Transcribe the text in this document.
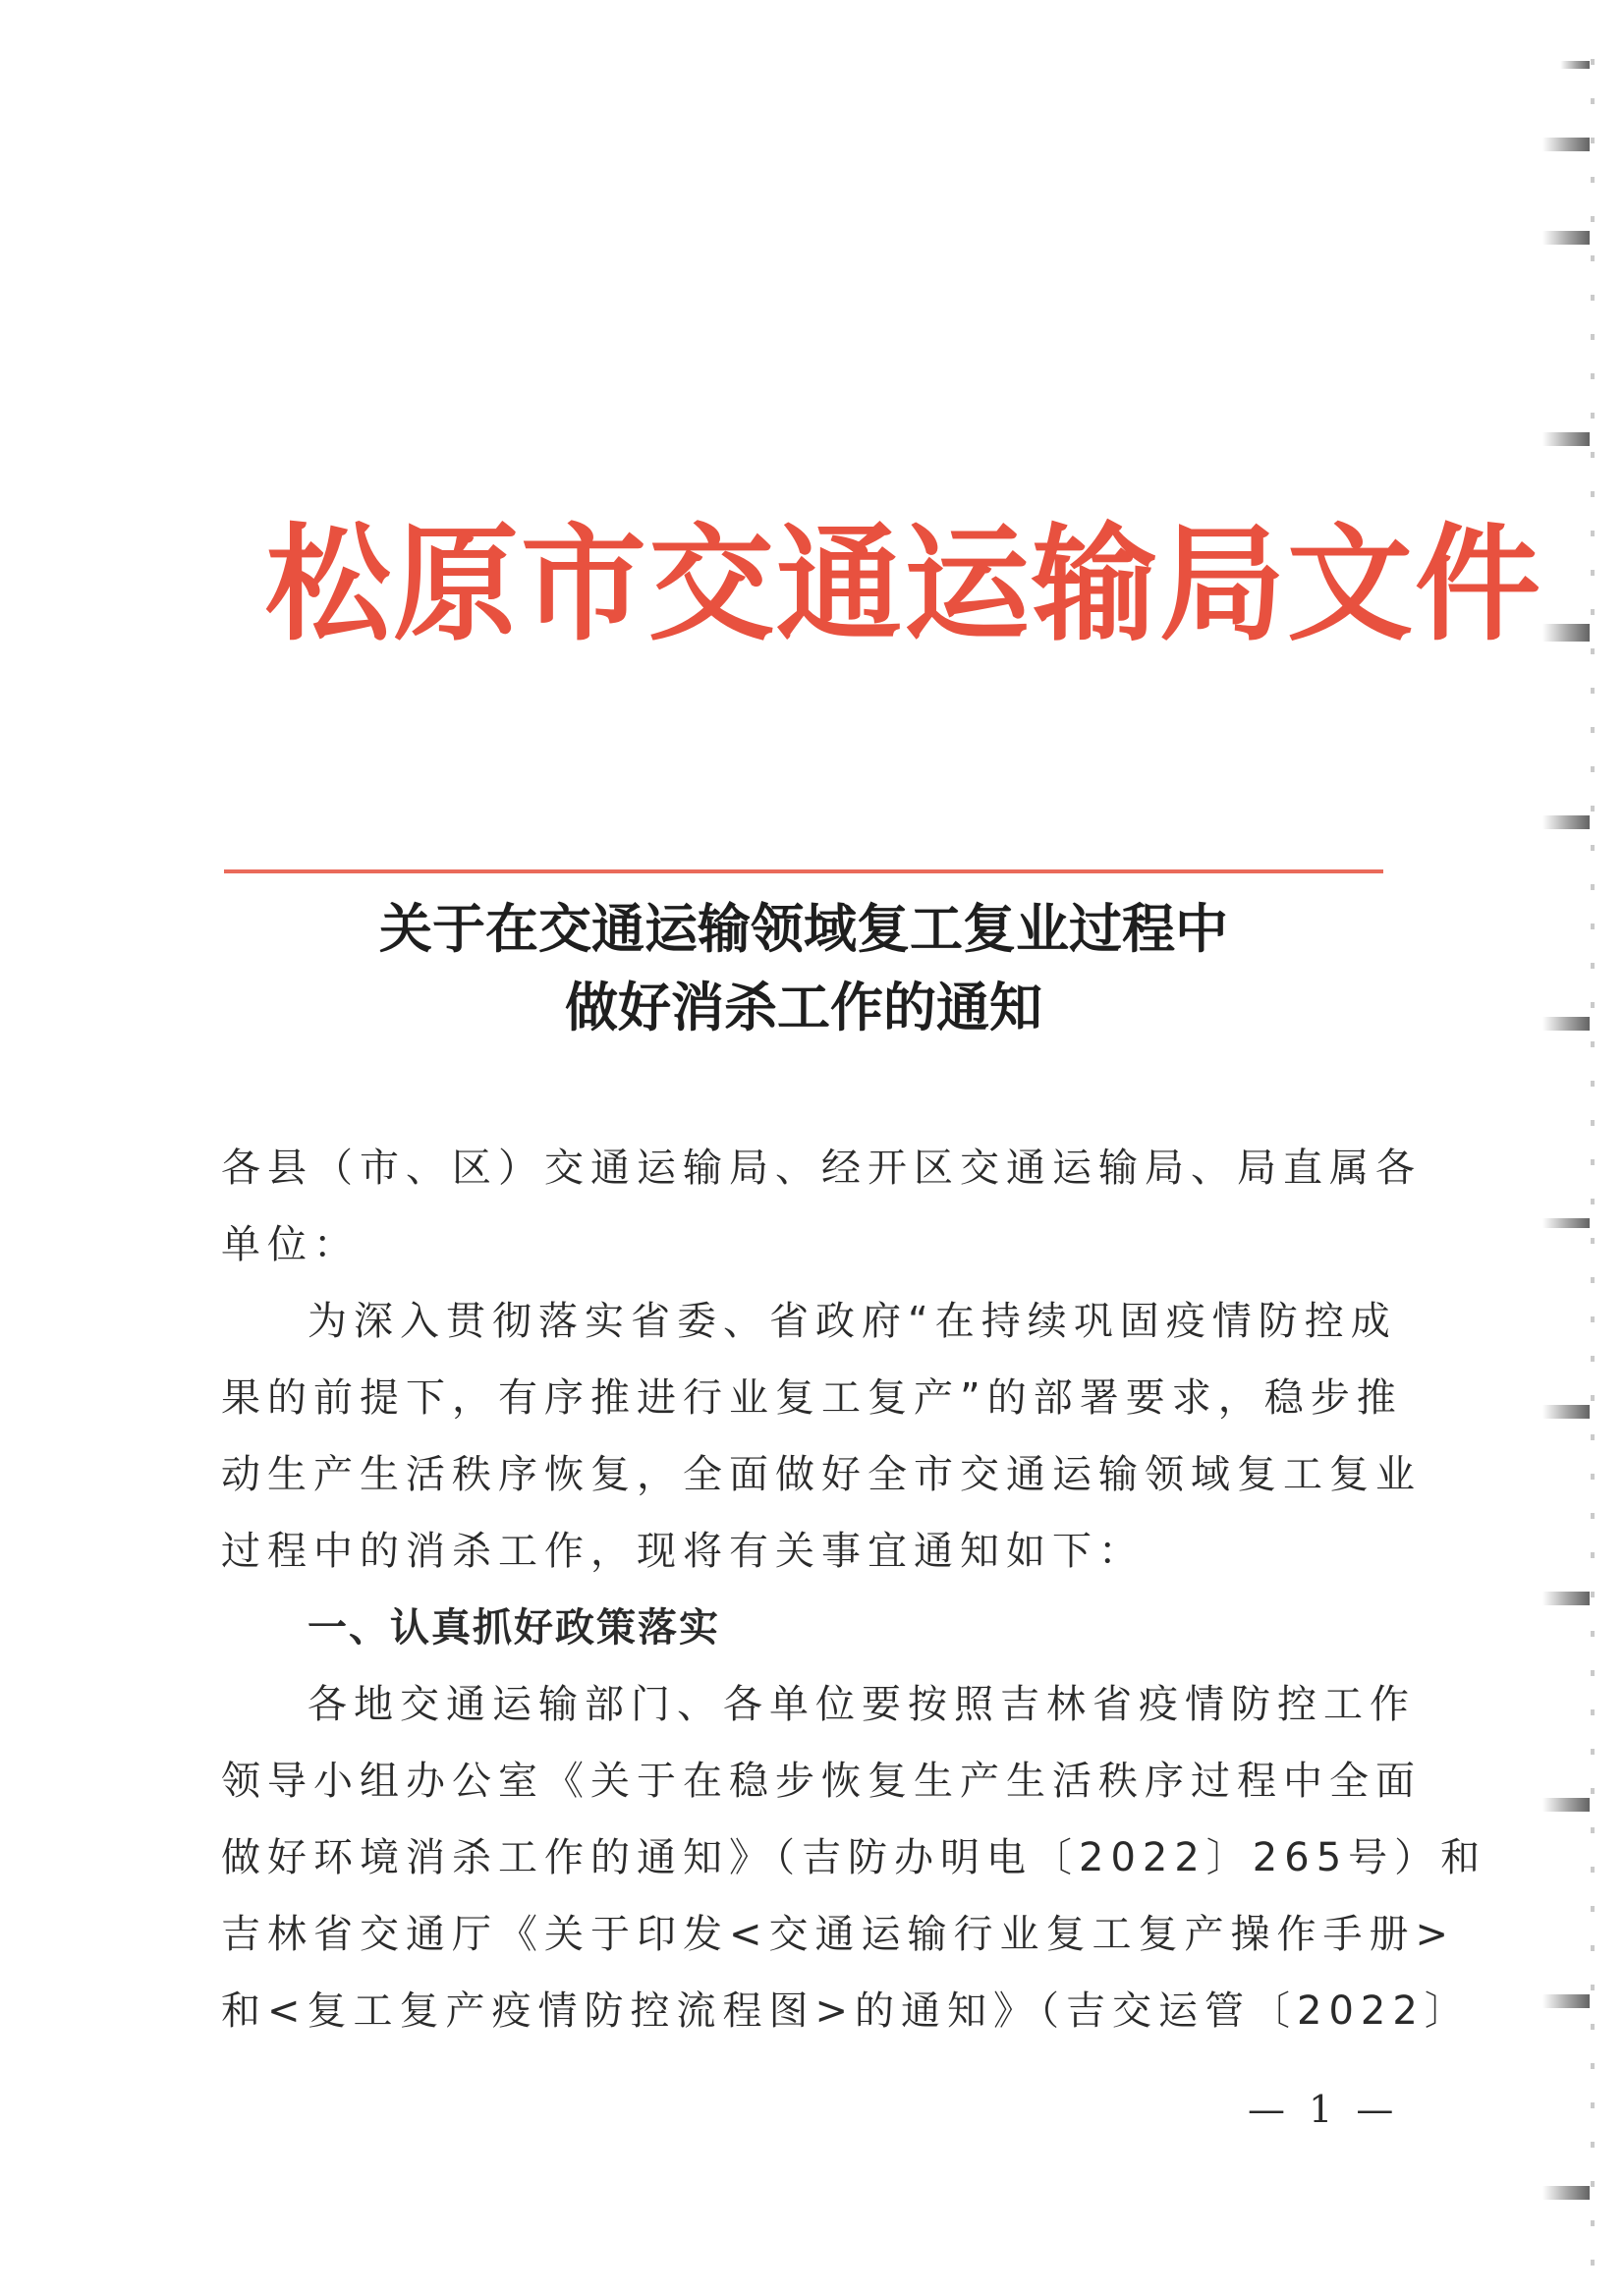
松原市交通运输局文件
关于在交通运输领域复工复业过程中
做好消杀工作的通知
各县（市、区）交通运输局、经开区交通运输局、局直属各
单位：
为深入贯彻落实省委、省政府“在持续巩固疫情防控成
果的前提下，有序推进行业复工复产”的部署要求，稳步推
动生产生活秩序恢复，全面做好全市交通运输领域复工复业
过程中的消杀工作，现将有关事宜通知如下：
一、认真抓好政策落实
各地交通运输部门、各单位要按照吉林省疫情防控工作
领导小组办公室《关于在稳步恢复生产生活秩序过程中全面
做好环境消杀工作的通知》（吉防办明电〔2022〕265号）和
吉林省交通厅《关于印发<交通运输行业复工复产操作手册>
和<复工复产疫情防控流程图>的通知》（吉交运管〔2022〕
— 1 —
